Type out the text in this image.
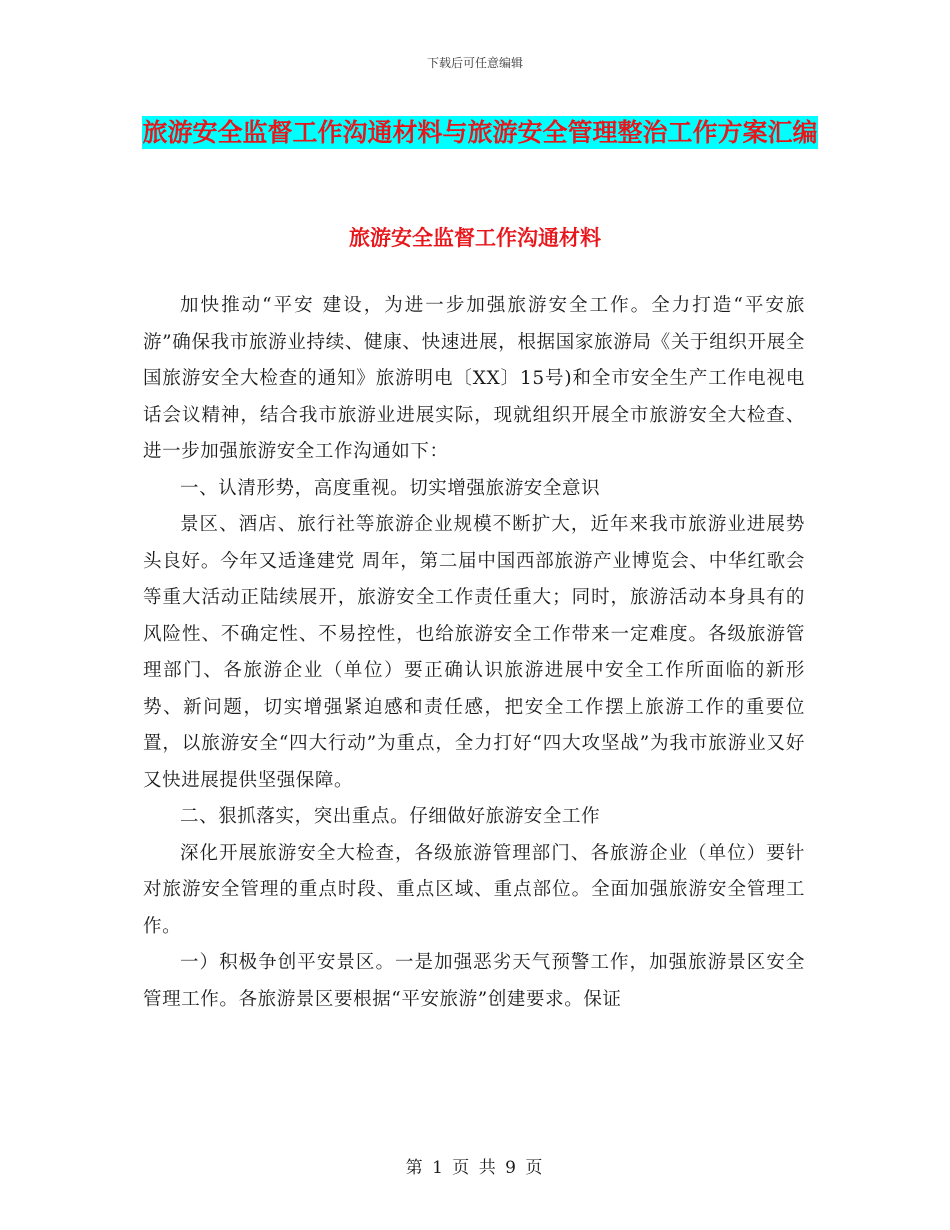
下载后可任意编辑
旅游安全监督工作沟通材料与旅游安全管理整治工作方案汇编
旅游安全监督工作沟通材料

加快推动“平安 建设，为进一步加强旅游安全工作。全力打造“平安旅游”确保我市旅游业持续、健康、快速进展，根据国家旅游局《关于组织开展全国旅游安全大检查的通知》旅游明电〔XX〕15号)和全市安全生产工作电视电话会议精神，结合我市旅游业进展实际，现就组织开展全市旅游安全大检查、进一步加强旅游安全工作沟通如下：

一、认清形势，高度重视。切实增强旅游安全意识

景区、酒店、旅行社等旅游企业规模不断扩大，近年来我市旅游业进展势头良好。今年又适逢建党 周年，第二届中国西部旅游产业博览会、中华红歌会等重大活动正陆续展开，旅游安全工作责任重大；同时，旅游活动本身具有的风险性、不确定性、不易控性，也给旅游安全工作带来一定难度。各级旅游管理部门、各旅游企业（单位）要正确认识旅游进展中安全工作所面临的新形势、新问题，切实增强紧迫感和责任感，把安全工作摆上旅游工作的重要位置，以旅游安全“四大行动”为重点，全力打好“四大攻坚战”为我市旅游业又好又快进展提供坚强保障。

二、狠抓落实，突出重点。仔细做好旅游安全工作

深化开展旅游安全大检查，各级旅游管理部门、各旅游企业（单位）要针对旅游安全管理的重点时段、重点区域、重点部位。全面加强旅游安全管理工作。

一）积极争创平安景区。一是加强恶劣天气预警工作，加强旅游景区安全管理工作。各旅游景区要根据“平安旅游”创建要求。保证

第 1 页 共 9 页
